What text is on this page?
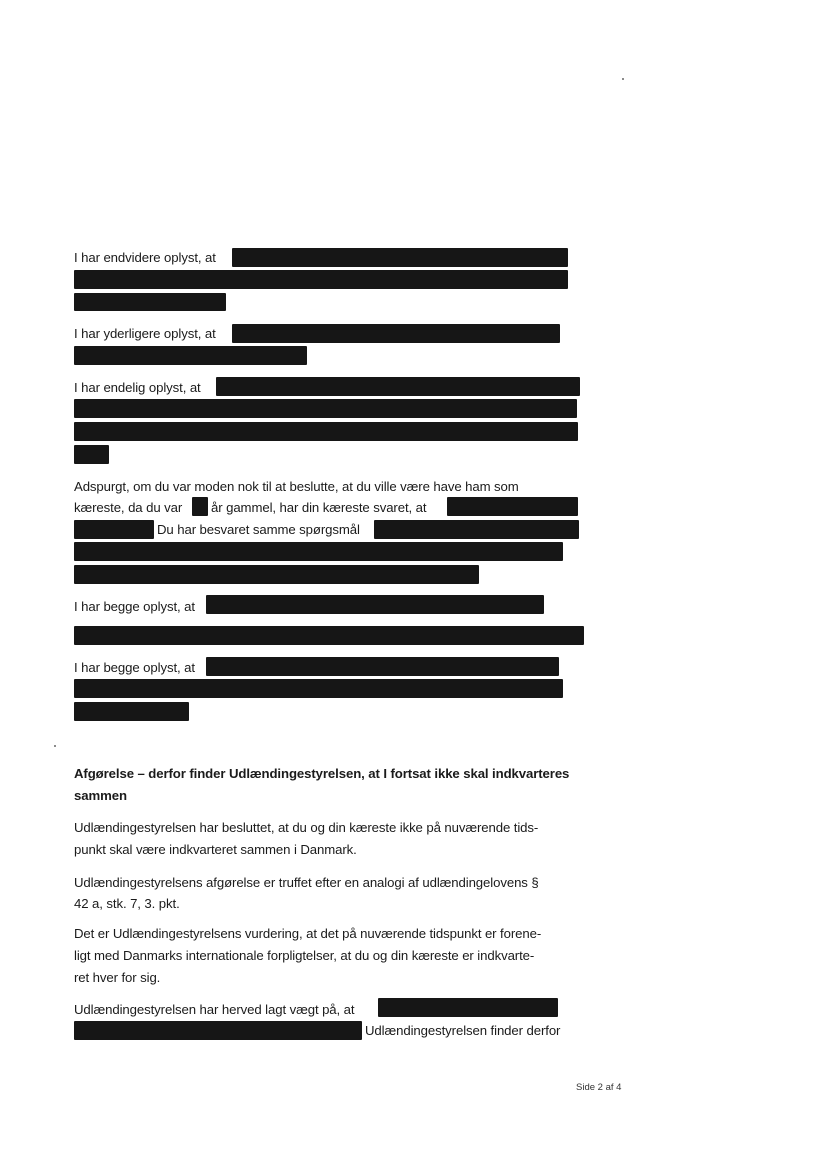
I har endvidere oplyst, at
I har yderligere oplyst, at
I har endelig oplyst, at
Adspurgt, om du var moden nok til at beslutte, at du ville være have ham som
kæreste, da du var år gammel, har din kæreste svaret, at
Du har besvaret samme spørgsmål
I har begge oplyst, at
I har begge oplyst, at
Afgørelse – derfor finder Udlændingestyrelsen, at I fortsat ikke skal indkvarteres
sammen
Udlændingestyrelsen har besluttet, at du og din kæreste ikke på nuværende tids-
punkt skal være indkvarteret sammen i Danmark.
Udlændingestyrelsens afgørelse er truffet efter en analogi af udlændingelovens §
42 a, stk. 7, 3. pkt.
Det er Udlændingestyrelsens vurdering, at det på nuværende tidspunkt er forene-
ligt med Danmarks internationale forpligtelser, at du og din kæreste er indkvarte-
ret hver for sig.
Udlændingestyrelsen har herved lagt vægt på, at
Udlændingestyrelsen finder derfor
Side 2 af 4
